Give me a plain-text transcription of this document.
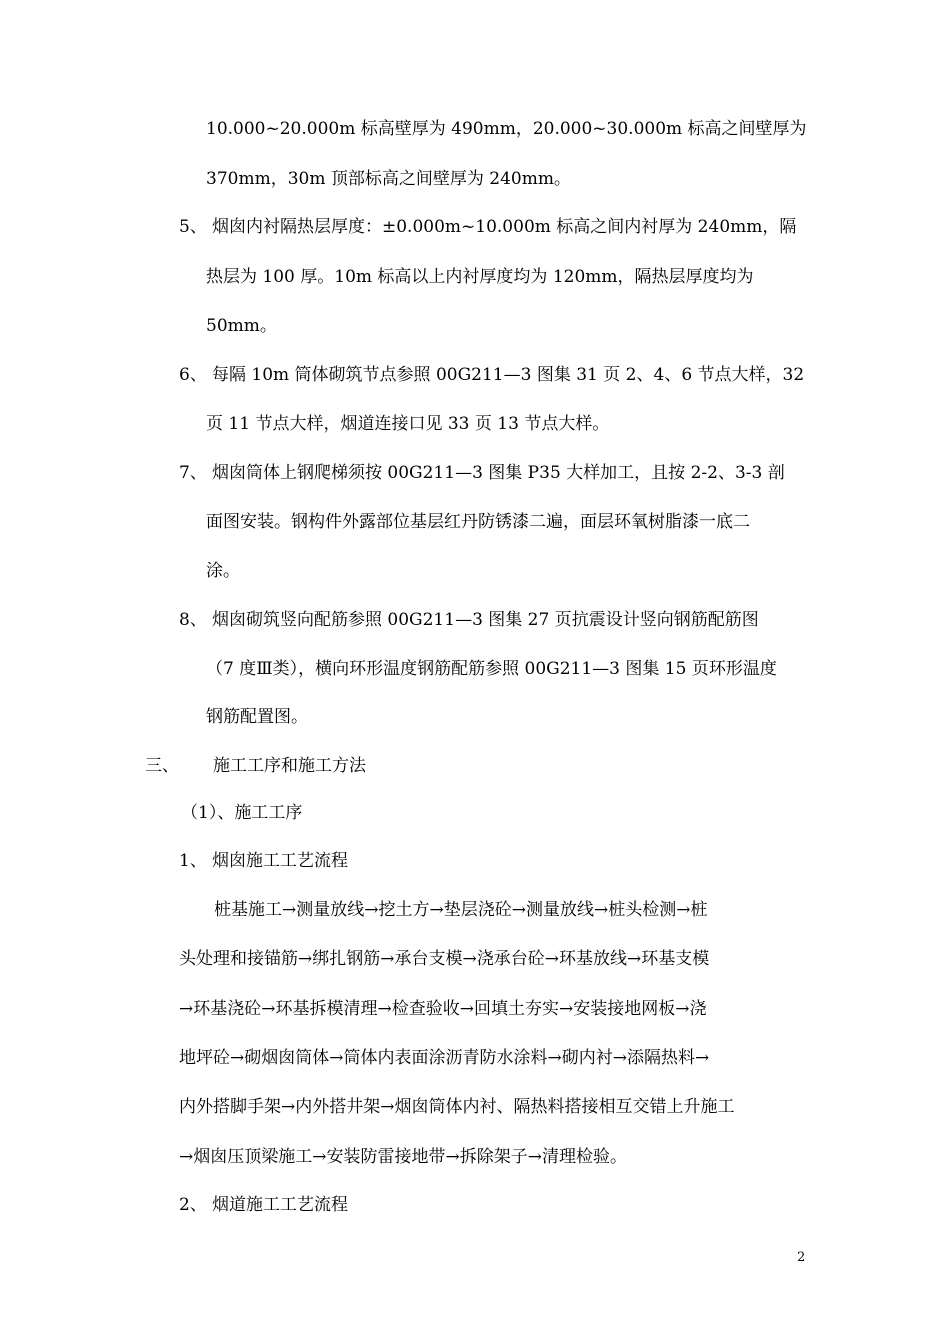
10.000~20.000m 标高壁厚为 490mm，20.000~30.000m 标高之间壁厚为
370mm，30m 顶部标高之间壁厚为 240mm。
5、 烟囱内衬隔热层厚度：±0.000m~10.000m 标高之间内衬厚为 240mm，隔
热层为 100 厚。10m 标高以上内衬厚度均为 120mm，隔热层厚度均为
50mm。
6、 每隔 10m 筒体砌筑节点参照 00G211—3 图集 31 页 2、4、6 节点大样，32
页 11 节点大样，烟道连接口见 33 页 13 节点大样。
7、 烟囱筒体上钢爬梯须按 00G211—3 图集 P35 大样加工，且按 2-2、3-3 剖
面图安装。钢构件外露部位基层红丹防锈漆二遍，面层环氧树脂漆一底二
涂。
8、 烟囱砌筑竖向配筋参照 00G211—3 图集 27 页抗震设计竖向钢筋配筋图
（7 度Ⅲ类），横向环形温度钢筋配筋参照 00G211—3 图集 15 页环形温度
钢筋配置图。
三、 施工工序和施工方法
（1）、施工工序
1、 烟囱施工工艺流程
桩基施工→测量放线→挖土方→垫层浇砼→测量放线→桩头检测→桩
头处理和接锚筋→绑扎钢筋→承台支模→浇承台砼→环基放线→环基支模
→环基浇砼→环基拆模清理→检查验收→回填土夯实→安装接地网板→浇
地坪砼→砌烟囱筒体→筒体内表面涂沥青防水涂料→砌内衬→添隔热料→
内外搭脚手架→内外搭井架→烟囱筒体内衬、隔热料搭接相互交错上升施工
→烟囱压顶梁施工→安装防雷接地带→拆除架子→清理检验。
2、 烟道施工工艺流程
2
